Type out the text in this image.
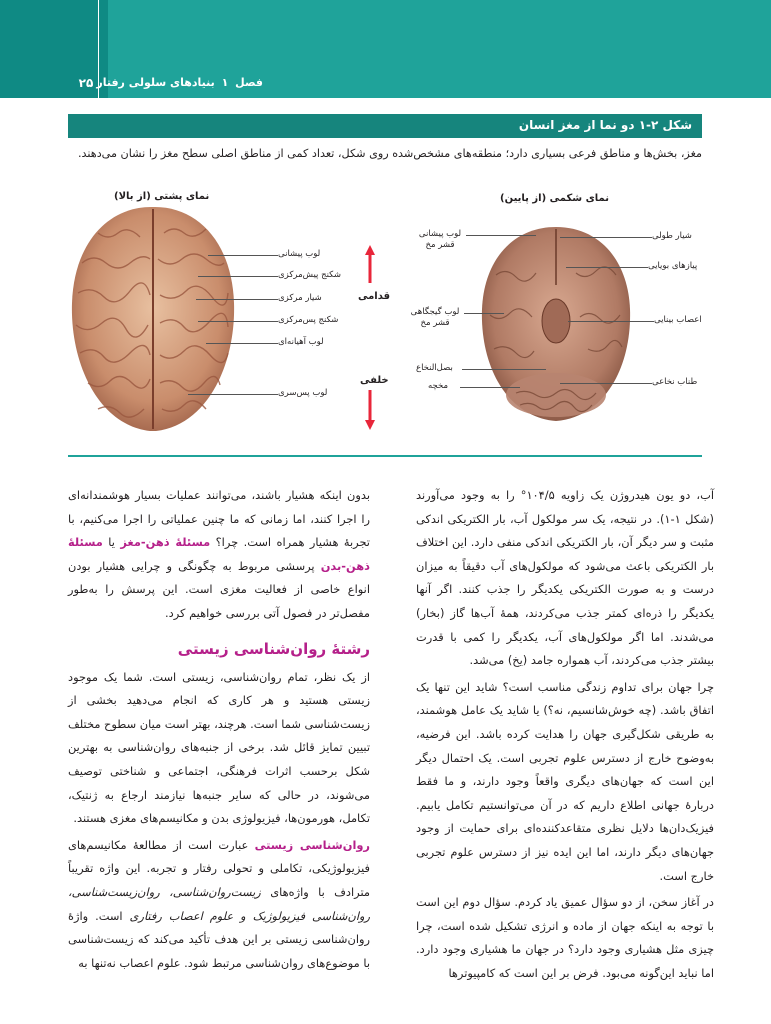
فصل ۱ بنیادهای سلولی رفتار
۲۵
شکل ۲-۱ دو نما از مغز انسان
مغز، بخش‌ها و مناطق فرعی بسیاری دارد؛ منطقه‌های مشخص‌شده روی شکل، تعداد کمی از مناطق اصلی سطح مغز را نشان می‌دهند.
نمای پشتی (از بالا)
لوب پیشانی
شکنج پیش‌مرکزی
شیار مرکزی
شکنج پس‌مرکزی
لوب آهیانه‌ای
لوب پس‌سری
قدامی
خلفی
نمای شکمی (از پایین)
لوب پیشانی
قشر مخ
لوب گیجگاهی
قشر مخ
بصل‌النخاع
مخچه
شیار طولی
پیازهای بویایی
اعصاب بینایی
طناب نخاعی

آب، دو یون هیدروژن یک زاویه ۱۰۴/۵° را به وجود می‌آورند (شکل ۱-۱). در نتیجه، یک سر مولکول آب، بار الکتریکی اندکی مثبت و سر دیگر آن، بار الکتریکی اندکی منفی دارد. این اختلاف بار الکتریکی باعث می‌شود که مولکول‌های آب دقیقاً به میزان درست و به صورت الکتریکی یکدیگر را جذب کنند. اگر آنها یکدیگر را ذره‌ای کمتر جذب می‌کردند، همهٔ آب‌ها گاز (بخار) می‌شدند. اما اگر مولکول‌های آب، یکدیگر را کمی با قدرت بیشتر جذب می‌کردند، آب همواره جامد (یخ) می‌شد.

چرا جهان برای تداوم زندگی مناسب است؟ شاید این تنها یک اتفاق باشد. (چه خوش‌شانسیم، نه؟) یا شاید یک عامل هوشمند، به طریقی شکل‌گیری جهان را هدایت کرده باشد. این فرضیه، به‌وضوح خارج از دسترس علوم تجربی است. یک احتمال دیگر این است که جهان‌های دیگری واقعاً وجود دارند، و ما فقط دربارهٔ جهانی اطلاع داریم که در آن می‌توانستیم تکامل یابیم. فیزیک‌دان‌ها دلایل نظری متقاعدکننده‌ای برای حمایت از وجود جهان‌های دیگر دارند، اما این ایده نیز از دسترس علوم تجربی خارج است.

در آغاز سخن، از دو سؤال عمیق یاد کردم. سؤال دوم این است با توجه به اینکه جهان از ماده و انرژی تشکیل شده است، چرا چیزی مثل هشیاری وجود دارد؟ در جهان ما هشیاری وجود دارد. اما نباید این‌گونه می‌بود. فرض بر این است که کامپیوترها

بدون اینکه هشیار باشند، می‌توانند عملیات بسیار هوشمندانه‌ای را اجرا کنند، اما زمانی که ما چنین عملیاتی را اجرا می‌کنیم، با تجربهٔ هشیار همراه است. چرا؟ مسئلهٔ ذهن-مغز یا مسئلهٔ ذهن-بدن پرسشی مربوط به چگونگی و چرایی هشیار بودن انواع خاصی از فعالیت مغزی است. این پرسش را به‌طور مفصل‌تر در فصول آتی بررسی خواهیم کرد.

رشتهٔ روان‌شناسی زیستی

از یک نظر، تمام روان‌شناسی، زیستی است. شما یک موجود زیستی هستید و هر کاری که انجام می‌دهید بخشی از زیست‌شناسی شما است. هرچند، بهتر است میان سطوح مختلف تبیین تمایز قائل شد. برخی از جنبه‌های روان‌شناسی به بهترین شکل برحسب اثرات فرهنگی، اجتماعی و شناختی توصیف می‌شوند، در حالی که سایر جنبه‌ها نیازمند ارجاع به ژنتیک، تکامل، هورمون‌ها، فیزیولوژی بدن و مکانیسم‌های مغزی هستند.

روان‌شناسی زیستی عبارت است از مطالعهٔ مکانیسم‌های فیزیولوژیکی، تکاملی و تحولی رفتار و تجربه. این واژه تقریباً مترادف با واژه‌های زیست‌روان‌شناسی، روان‌زیست‌شناسی، روان‌شناسی فیزیولوژیک و علوم اعصاب رفتاری است. واژهٔ روان‌شناسی زیستی بر این هدف تأکید می‌کند که زیست‌شناسی با موضوع‌های روان‌شناسی مرتبط شود. علوم اعصاب نه‌تنها به
